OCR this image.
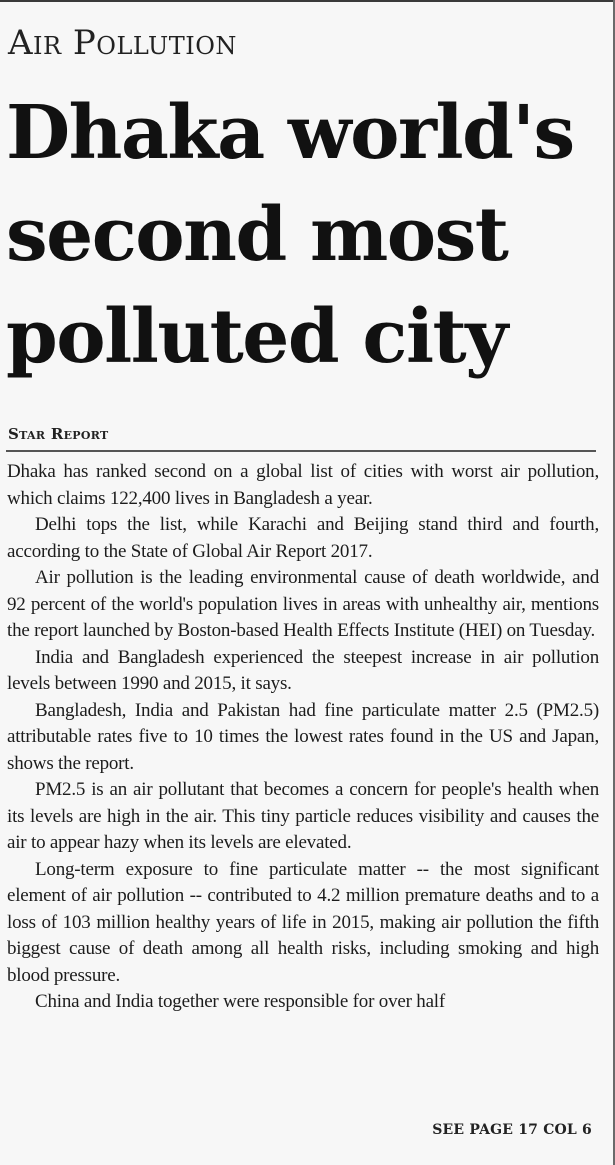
Air Pollution
Dhaka world's
second most
polluted city
Star Report

Dhaka has ranked second on a global list of cities with worst air pollution, which claims 122,400 lives in Bangladesh a year.

Delhi tops the list, while Karachi and Beijing stand third and fourth, according to the State of Global Air Report 2017.

Air pollution is the leading environmental cause of death worldwide, and 92 percent of the world's population lives in areas with unhealthy air, mentions the report launched by Boston-based Health Effects Institute (HEI) on Tuesday.

India and Bangladesh experienced the steepest increase in air pollution levels between 1990 and 2015, it says.

Bangladesh, India and Pakistan had fine particulate matter 2.5 (PM2.5) attributable rates five to 10 times the lowest rates found in the US and Japan, shows the report.

PM2.5 is an air pollutant that becomes a concern for people's health when its levels are high in the air. This tiny particle reduces visibility and causes the air to appear hazy when its levels are elevated.

Long-term exposure to fine particulate matter -- the most significant element of air pollution -- contributed to 4.2 million premature deaths and to a loss of 103 million healthy years of life in 2015, making air pollution the fifth biggest cause of death among all health risks, including smoking and high blood pressure.

China and India together were responsible for over half

SEE PAGE 17 COL 6
